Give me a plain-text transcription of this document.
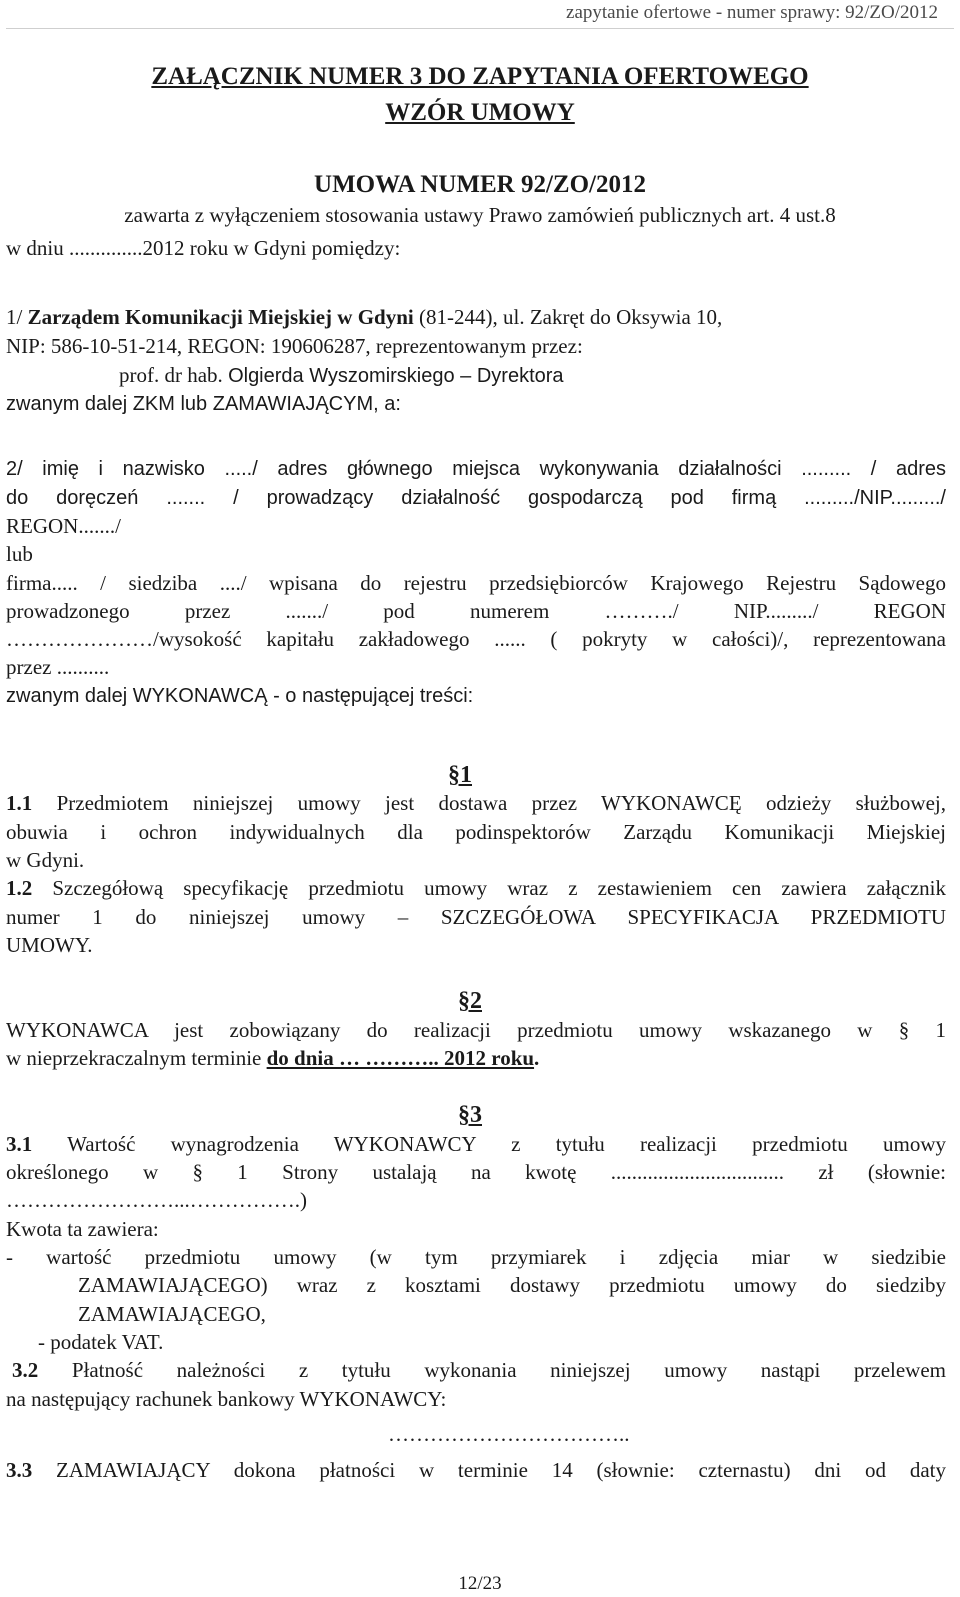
zapytanie ofertowe - numer sprawy: 92/ZO/2012
ZAŁĄCZNIK NUMER 3 DO ZAPYTANIA OFERTOWEGO
WZÓR UMOWY
UMOWA NUMER 92/ZO/2012
zawarta z wyłączeniem stosowania ustawy Prawo zamówień publicznych art. 4 ust.8
w dniu ..............2012 roku w Gdyni pomiędzy:
1/ Zarządem Komunikacji Miejskiej w Gdyni (81-244), ul. Zakręt do Oksywia 10,
NIP: 586-10-51-214, REGON: 190606287, reprezentowanym przez:
prof. dr hab. Olgierda Wyszomirskiego – Dyrektora
zwanym dalej ZKM lub ZAMAWIAJĄCYM, a:
2/ imię i nazwisko ...../ adres głównego miejsca wykonywania działalności ......... / adres
do doręczeń ....... / prowadzący działalność gospodarczą pod firmą ........./NIP........./
REGON......./
lub
firma..... / siedziba ..../ wpisana do rejestru przedsiębiorców Krajowego Rejestru Sądowego
prowadzonego przez ......./ pod numerem ………./ NIP........./ REGON
…………………/wysokość kapitału zakładowego ...... ( pokryty w całości)/, reprezentowana
przez ..........
zwanym dalej WYKONAWCĄ - o następującej treści:
§1
1.1 Przedmiotem niniejszej umowy jest dostawa przez WYKONAWCĘ odzieży służbowej,
obuwia i ochron indywidualnych dla podinspektorów Zarządu Komunikacji Miejskiej
w Gdyni.
1.2 Szczegółową specyfikację przedmiotu umowy wraz z zestawieniem cen zawiera załącznik
numer 1 do niniejszej umowy – SZCZEGÓŁOWA SPECYFIKACJA PRZEDMIOTU
UMOWY.
§2
WYKONAWCA jest zobowiązany do realizacji przedmiotu umowy wskazanego w § 1
w nieprzekraczalnym terminie do dnia … ……….. 2012 roku.
§3
3.1 Wartość wynagrodzenia WYKONAWCY z tytułu realizacji przedmiotu umowy
określonego w § 1 Strony ustalają na kwotę ................................. zł (słownie:
……………………...…………….)
Kwota ta zawiera:
- wartość przedmiotu umowy (w tym przymiarek i zdjęcia miar w siedzibie
ZAMAWIAJĄCEGO) wraz z kosztami dostawy przedmiotu umowy do siedziby
ZAMAWIAJĄCEGO,
- podatek VAT.
3.2 Płatność należności z tytułu wykonania niniejszej umowy nastąpi przelewem
na następujący rachunek bankowy WYKONAWCY:
……………………………..
3.3 ZAMAWIAJĄCY dokona płatności w terminie 14 (słownie: czternastu) dni od daty
12/23
